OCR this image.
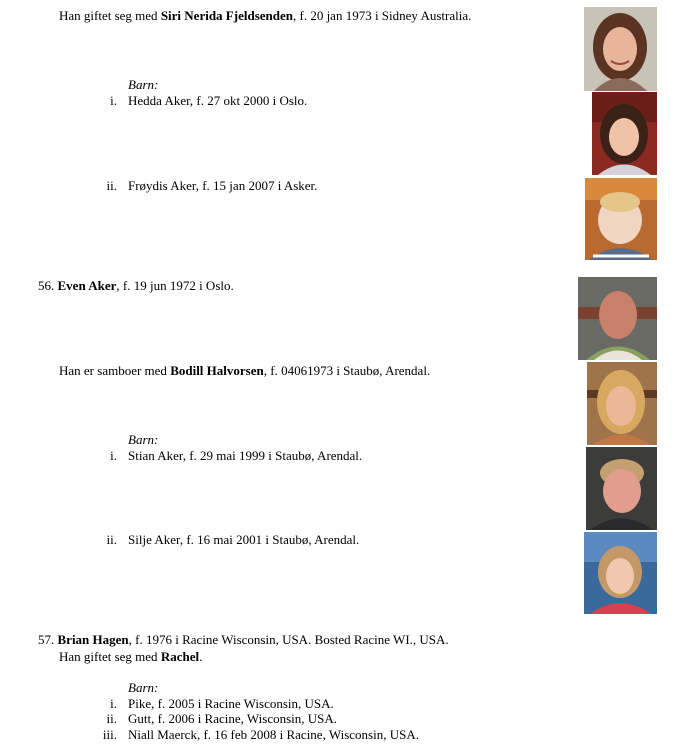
Han giftet seg med Siri Nerida Fjeldsenden, f. 20 jan 1973 i Sidney Australia.
Barn:
i. Hedda Aker, f. 27 okt 2000 i Oslo.
ii. Frøydis Aker, f. 15 jan 2007 i Asker.
56. Even Aker, f. 19 jun 1972 i Oslo.
Han er samboer med Bodill Halvorsen, f. 04061973 i Staubø, Arendal.
Barn:
i. Stian Aker, f. 29 mai 1999 i Staubø, Arendal.
ii. Silje Aker, f. 16 mai 2001 i Staubø, Arendal.
57. Brian Hagen, f. 1976 i Racine Wisconsin, USA. Bosted Racine WI., USA.
Han giftet seg med Rachel.
Barn:
i. Pike, f. 2005 i Racine Wisconsin, USA.
ii. Gutt, f. 2006 i Racine, Wisconsin, USA.
iii. Niall Maerck, f. 16 feb 2008 i Racine, Wisconsin, USA.
